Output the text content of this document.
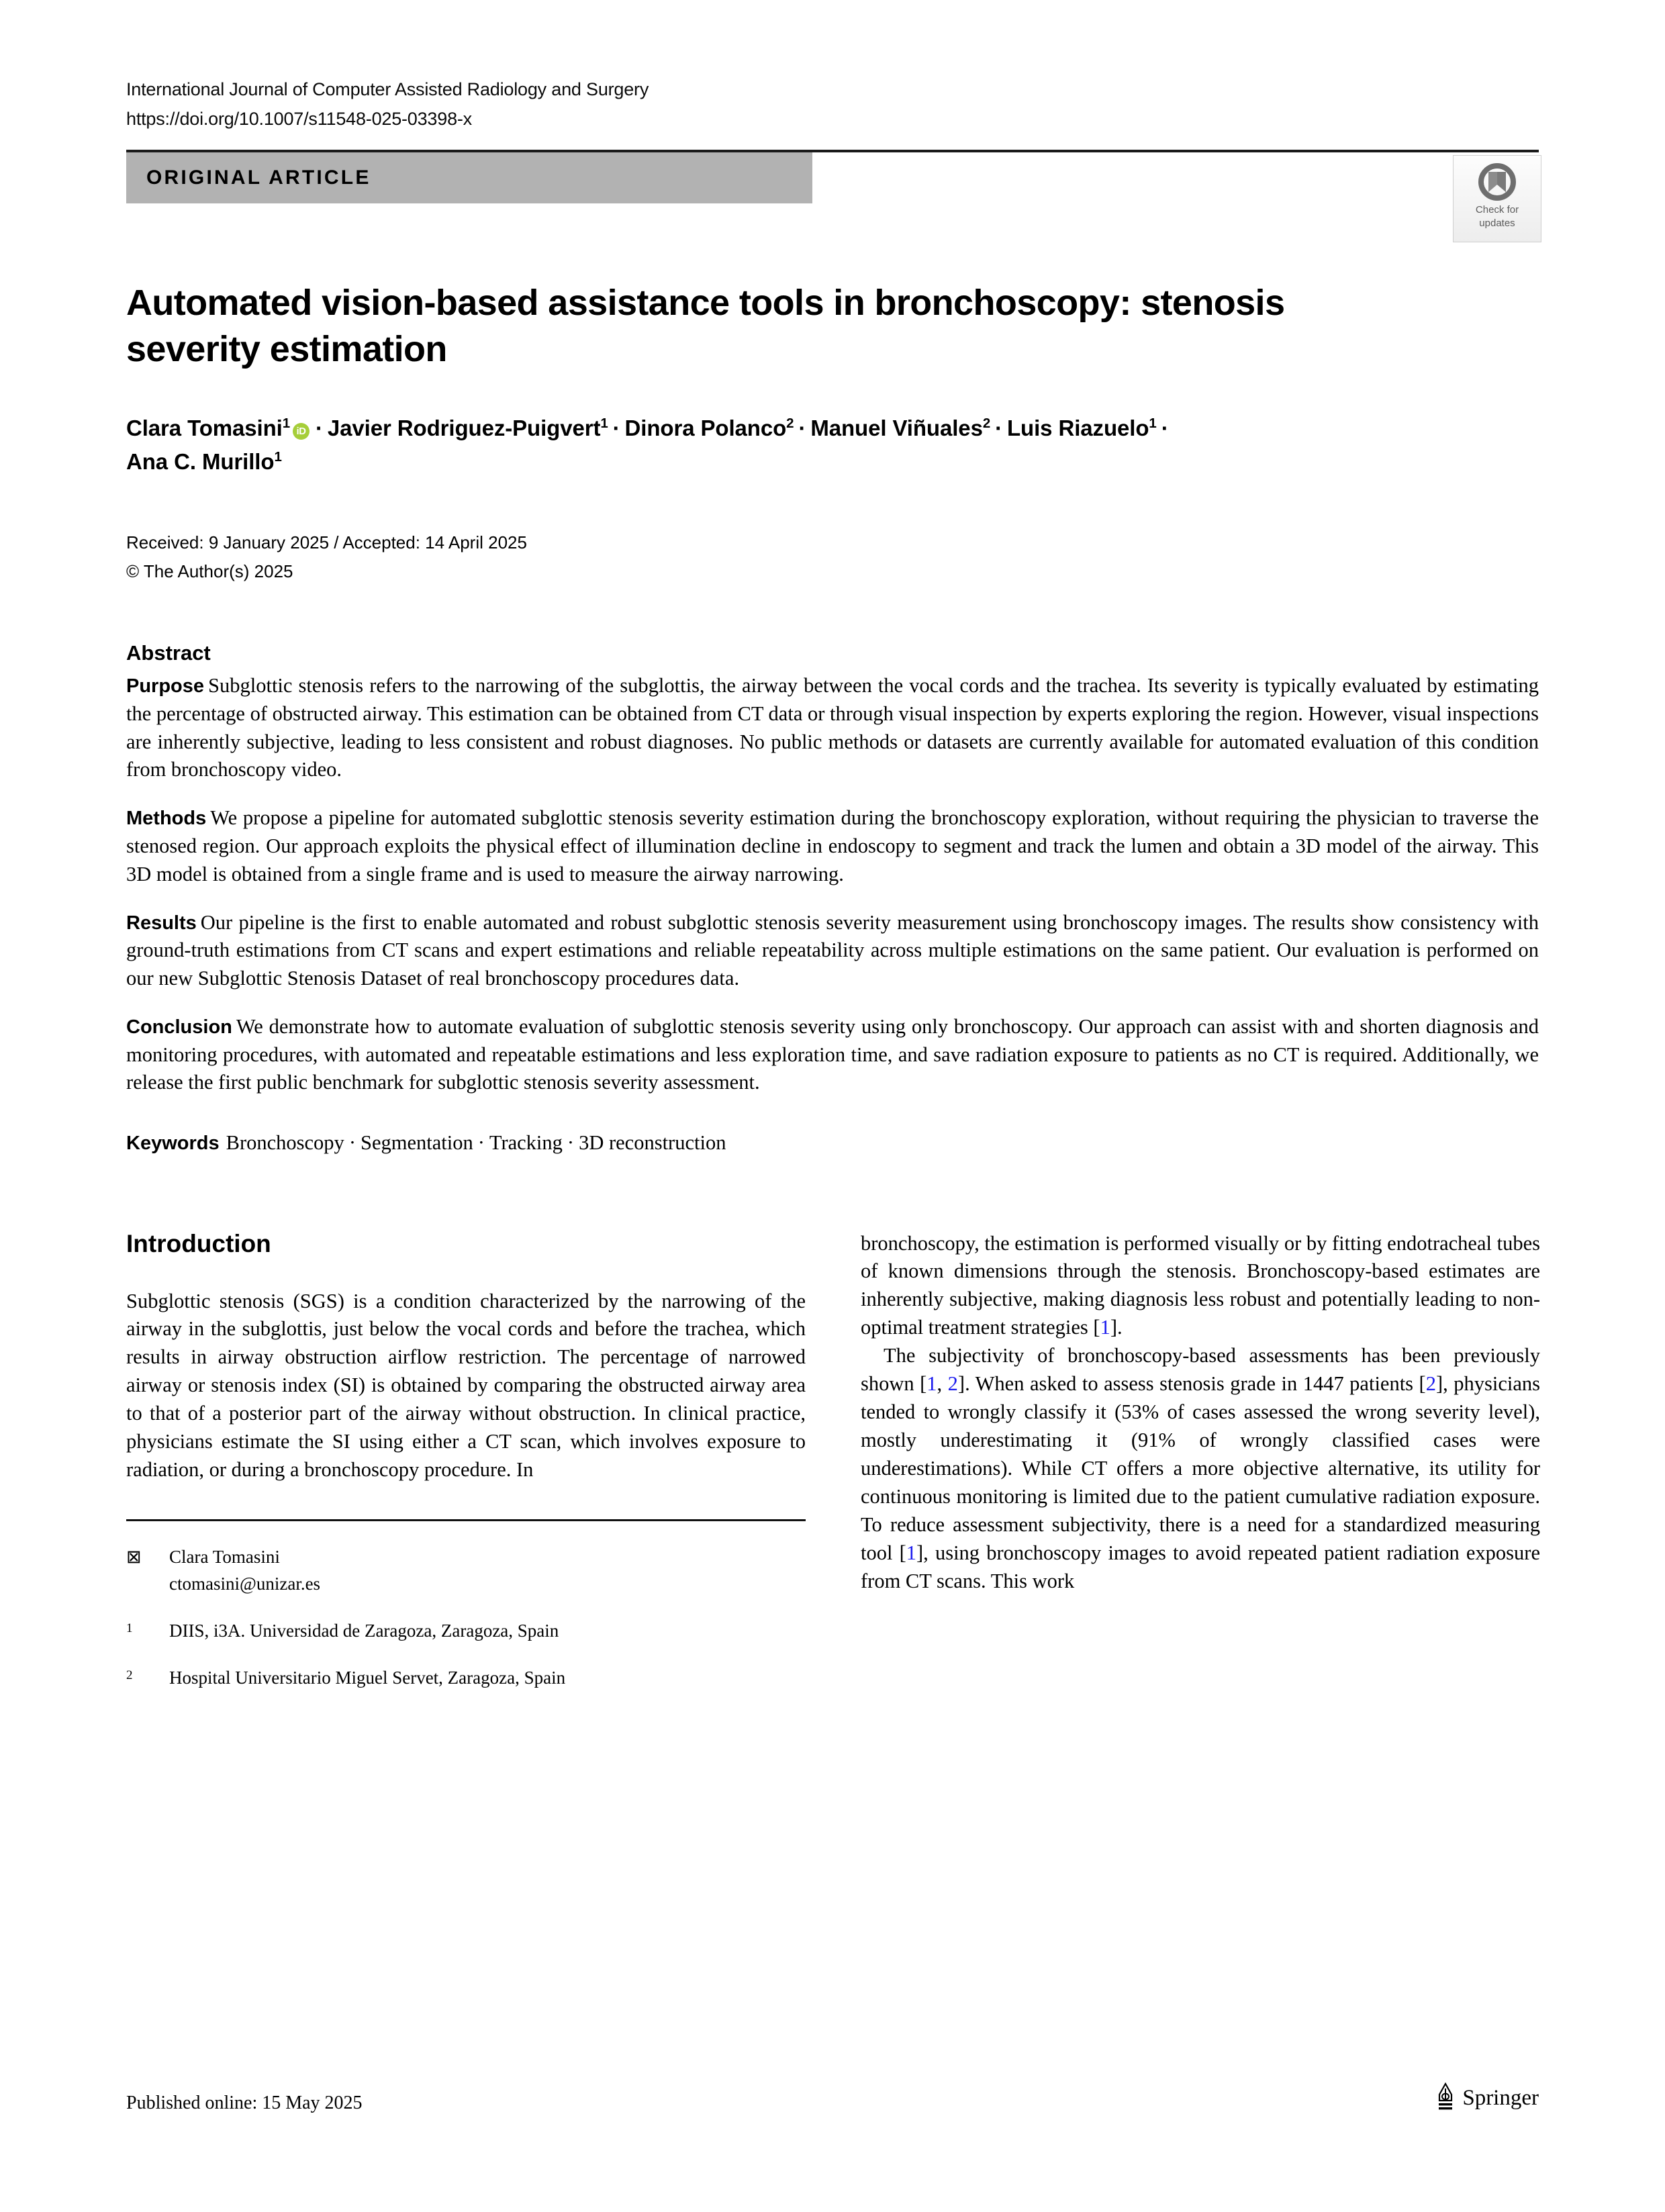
International Journal of Computer Assisted Radiology and Surgery
https://doi.org/10.1007/s11548-025-03398-x
ORIGINAL ARTICLE
Check for
updates
Automated vision-based assistance tools in bronchoscopy: stenosis severity estimation
Clara Tomasini$^1$iD · Javier Rodriguez-Puigvert$^1$ · Dinora Polanco$^2$ · Manuel Viñuales$^2$ · Luis Riazuelo$^1$ ·
Ana C. Murillo$^1$
Received: 9 January 2025 / Accepted: 14 April 2025
© The Author(s) 2025
Abstract

Purpose Subglottic stenosis refers to the narrowing of the subglottis, the airway between the vocal cords and the trachea. Its severity is typically evaluated by estimating the percentage of obstructed airway. This estimation can be obtained from CT data or through visual inspection by experts exploring the region. However, visual inspections are inherently subjective, leading to less consistent and robust diagnoses. No public methods or datasets are currently available for automated evaluation of this condition from bronchoscopy video.

Methods We propose a pipeline for automated subglottic stenosis severity estimation during the bronchoscopy exploration, without requiring the physician to traverse the stenosed region. Our approach exploits the physical effect of illumination decline in endoscopy to segment and track the lumen and obtain a 3D model of the airway. This 3D model is obtained from a single frame and is used to measure the airway narrowing.

Results Our pipeline is the first to enable automated and robust subglottic stenosis severity measurement using bronchoscopy images. The results show consistency with ground-truth estimations from CT scans and expert estimations and reliable repeatability across multiple estimations on the same patient. Our evaluation is performed on our new Subglottic Stenosis Dataset of real bronchoscopy procedures data.

Conclusion We demonstrate how to automate evaluation of subglottic stenosis severity using only bronchoscopy. Our approach can assist with and shorten diagnosis and monitoring procedures, with automated and repeatable estimations and less exploration time, and save radiation exposure to patients as no CT is required. Additionally, we release the first public benchmark for subglottic stenosis severity assessment.

Keywords Bronchoscopy · Segmentation · Tracking · 3D reconstruction
Introduction

Subglottic stenosis (SGS) is a condition characterized by the narrowing of the airway in the subglottis, just below the vocal cords and before the trachea, which results in airway obstruction airflow restriction. The percentage of narrowed airway or stenosis index (SI) is obtained by comparing the obstructed airway area to that of a posterior part of the airway without obstruction. In clinical practice, physicians estimate the SI using either a CT scan, which involves exposure to radiation, or during a bronchoscopy procedure. In

⊠	Clara Tomasini
ctomasini@unizar.es
1	DIIS, i3A. Universidad de Zaragoza, Zaragoza, Spain
2	Hospital Universitario Miguel Servet, Zaragoza, Spain

bronchoscopy, the estimation is performed visually or by fitting endotracheal tubes of known dimensions through the stenosis. Bronchoscopy-based estimates are inherently subjective, making diagnosis less robust and potentially leading to non-optimal treatment strategies [1].

The subjectivity of bronchoscopy-based assessments has been previously shown [1, 2]. When asked to assess stenosis grade in 1447 patients [2], physicians tended to wrongly classify it (53% of cases assessed the wrong severity level), mostly underestimating it (91% of wrongly classified cases were underestimations). While CT offers a more objective alternative, its utility for continuous monitoring is limited due to the patient cumulative radiation exposure. To reduce assessment subjectivity, there is a need for a standardized measuring tool [1], using bronchoscopy images to avoid repeated patient radiation exposure from CT scans. This work

Published online: 15 May 2025	Springer
